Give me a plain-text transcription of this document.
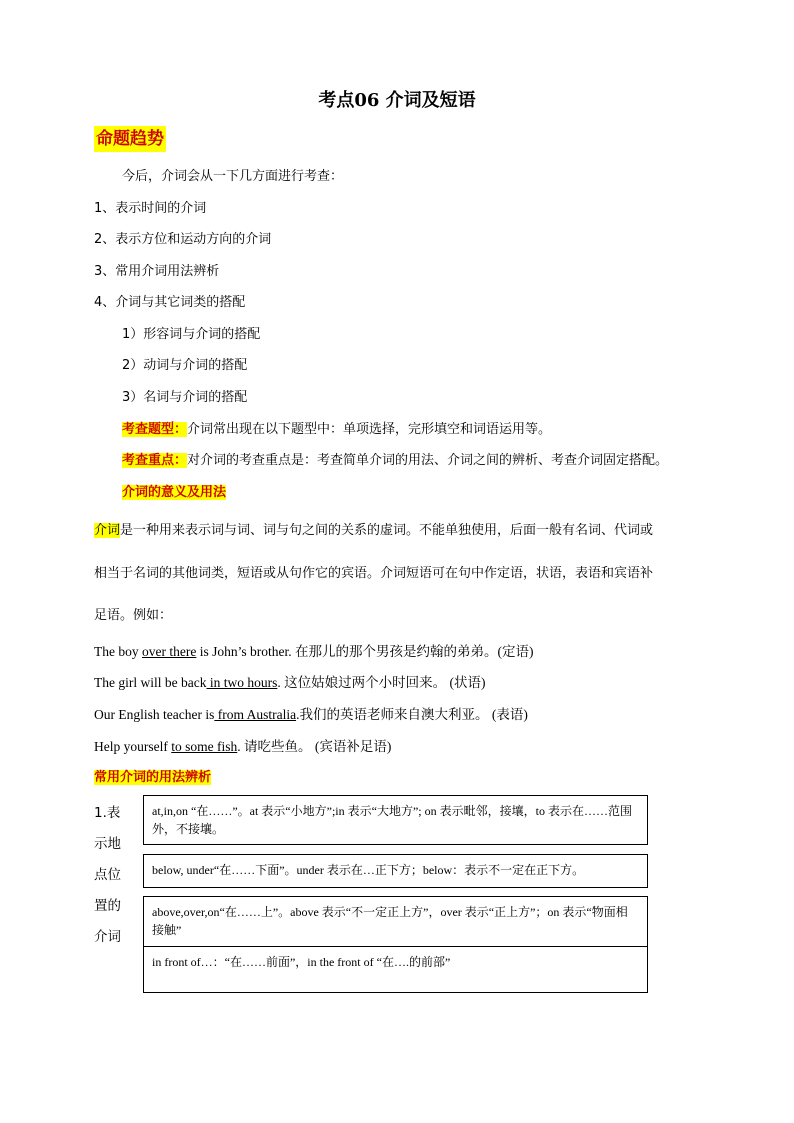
考点06 介词及短语
命题趋势
今后，介词会从一下几方面进行考查：
1、表示时间的介词
2、表示方位和运动方向的介词
3、常用介词用法辨析
4、介词与其它词类的搭配
1）形容词与介词的搭配
2）动词与介词的搭配
3）名词与介词的搭配
考查题型：介词常出现在以下题型中：单项选择，完形填空和词语运用等。
考查重点：对介词的考查重点是：考查简单介词的用法、介词之间的辨析、考查介词固定搭配。
介词的意义及用法
介词是一种用来表示词与词、词与句之间的关系的虚词。不能单独使用，后面一般有名词、代词或
相当于名词的其他词类，短语或从句作它的宾语。介词短语可在句中作定语，状语，表语和宾语补
足语。例如：
The boy over there is John’s brother. 在那儿的那个男孩是约翰的弟弟。(定语)
The girl will be back in two hours. 这位姑娘过两个小时回来。 (状语)
Our English teacher is from Australia.我们的英语老师来自澳大利亚。 (表语)
Help yourself to some fish. 请吃些鱼。 (宾语补足语)
常用介词的用法辨析
1.表
示地
点位
置的
介词
at,in,on “在……”。at 表示“小地方”;in 表示“大地方”; on 表示毗邻，接壤，to 表示在……范围外，不接壤。
below, under“在……下面”。under 表示在…正下方；below：表示不一定在正下方。
above,over,on“在……上”。above 表示“不一定正上方”，over 表示“正上方”；on 表示“物面相接触”
in front of…：“在……前面”，in the front of “在….的前部”
